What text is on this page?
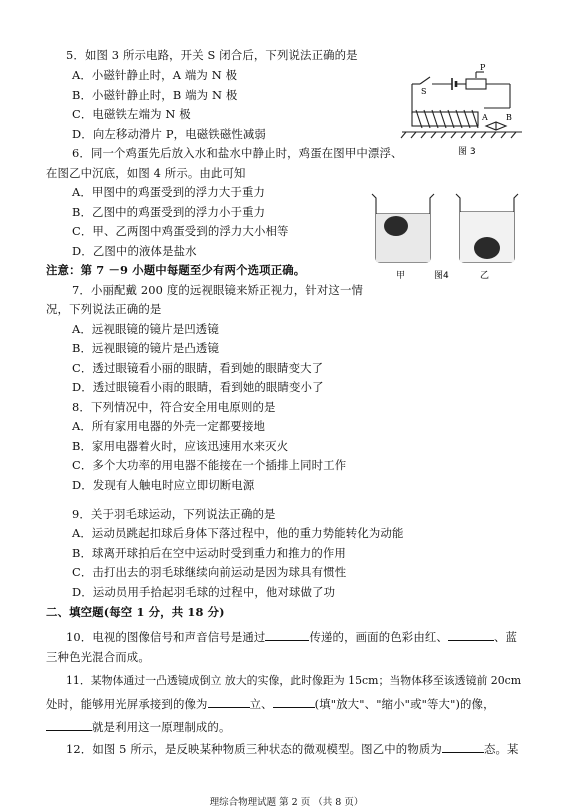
5．如图 3 所示电路，开关 S 闭合后，下列说法正确的是
A．小磁针静止时，A 端为 N 极
B．小磁针静止时，B 端为 N 极
C．电磁铁左端为 N 极
D．向左移动滑片 P，电磁铁磁性减弱
6．同一个鸡蛋先后放入水和盐水中静止时，鸡蛋在图甲中漂浮、
在图乙中沉底，如图 4 所示。由此可知
A．甲图中的鸡蛋受到的浮力大于重力
B．乙图中的鸡蛋受到的浮力小于重力
C．甲、乙两图中鸡蛋受到的浮力大小相等
D．乙图中的液体是盐水
注意：第 7 －9 小题中每题至少有两个选项正确。
7．小丽配戴 200 度的远视眼镜来矫正视力，针对这一情
况，下列说法正确的是
A．远视眼镜的镜片是凹透镜
B．远视眼镜的镜片是凸透镜
C．透过眼镜看小丽的眼睛，看到她的眼睛变大了
D．透过眼镜看小雨的眼睛，看到她的眼睛变小了
8．下列情况中，符合安全用电原则的是
A．所有家用电器的外壳一定都要接地
B．家用电器着火时，应该迅速用水来灭火
C．多个大功率的用电器不能接在一个插排上同时工作
D．发现有人触电时应立即切断电源
9．关于羽毛球运动，下列说法正确的是
A．运动员跳起扣球后身体下落过程中，他的重力势能转化为动能
B．球离开球拍后在空中运动时受到重力和推力的作用
C．击打出去的羽毛球继续向前运动是因为球具有惯性
D．运动员用手拾起羽毛球的过程中，他对球做了功
二、填空题(每空 1 分，共 18 分)
10．电视的图像信号和声音信号是通过	传递的，画面的色彩由红、	、蓝
三种色光混合而成。
11．某物体通过一凸透镜成倒立 放大的实像，此时像距为 15cm；当物体移至该透镜前 20cm
处时，能够用光屏承接到的像为	立、	(填"放大"、"缩小"或"等大")的像，
就是利用这一原理制成的。
12．如图 5 所示，是反映某种物质三种状态的微观模型。图乙中的物质为	态。某
S
P
A B
图 3
甲	图4	乙
理综合物理试题 第 2 页 （共 8 页）
